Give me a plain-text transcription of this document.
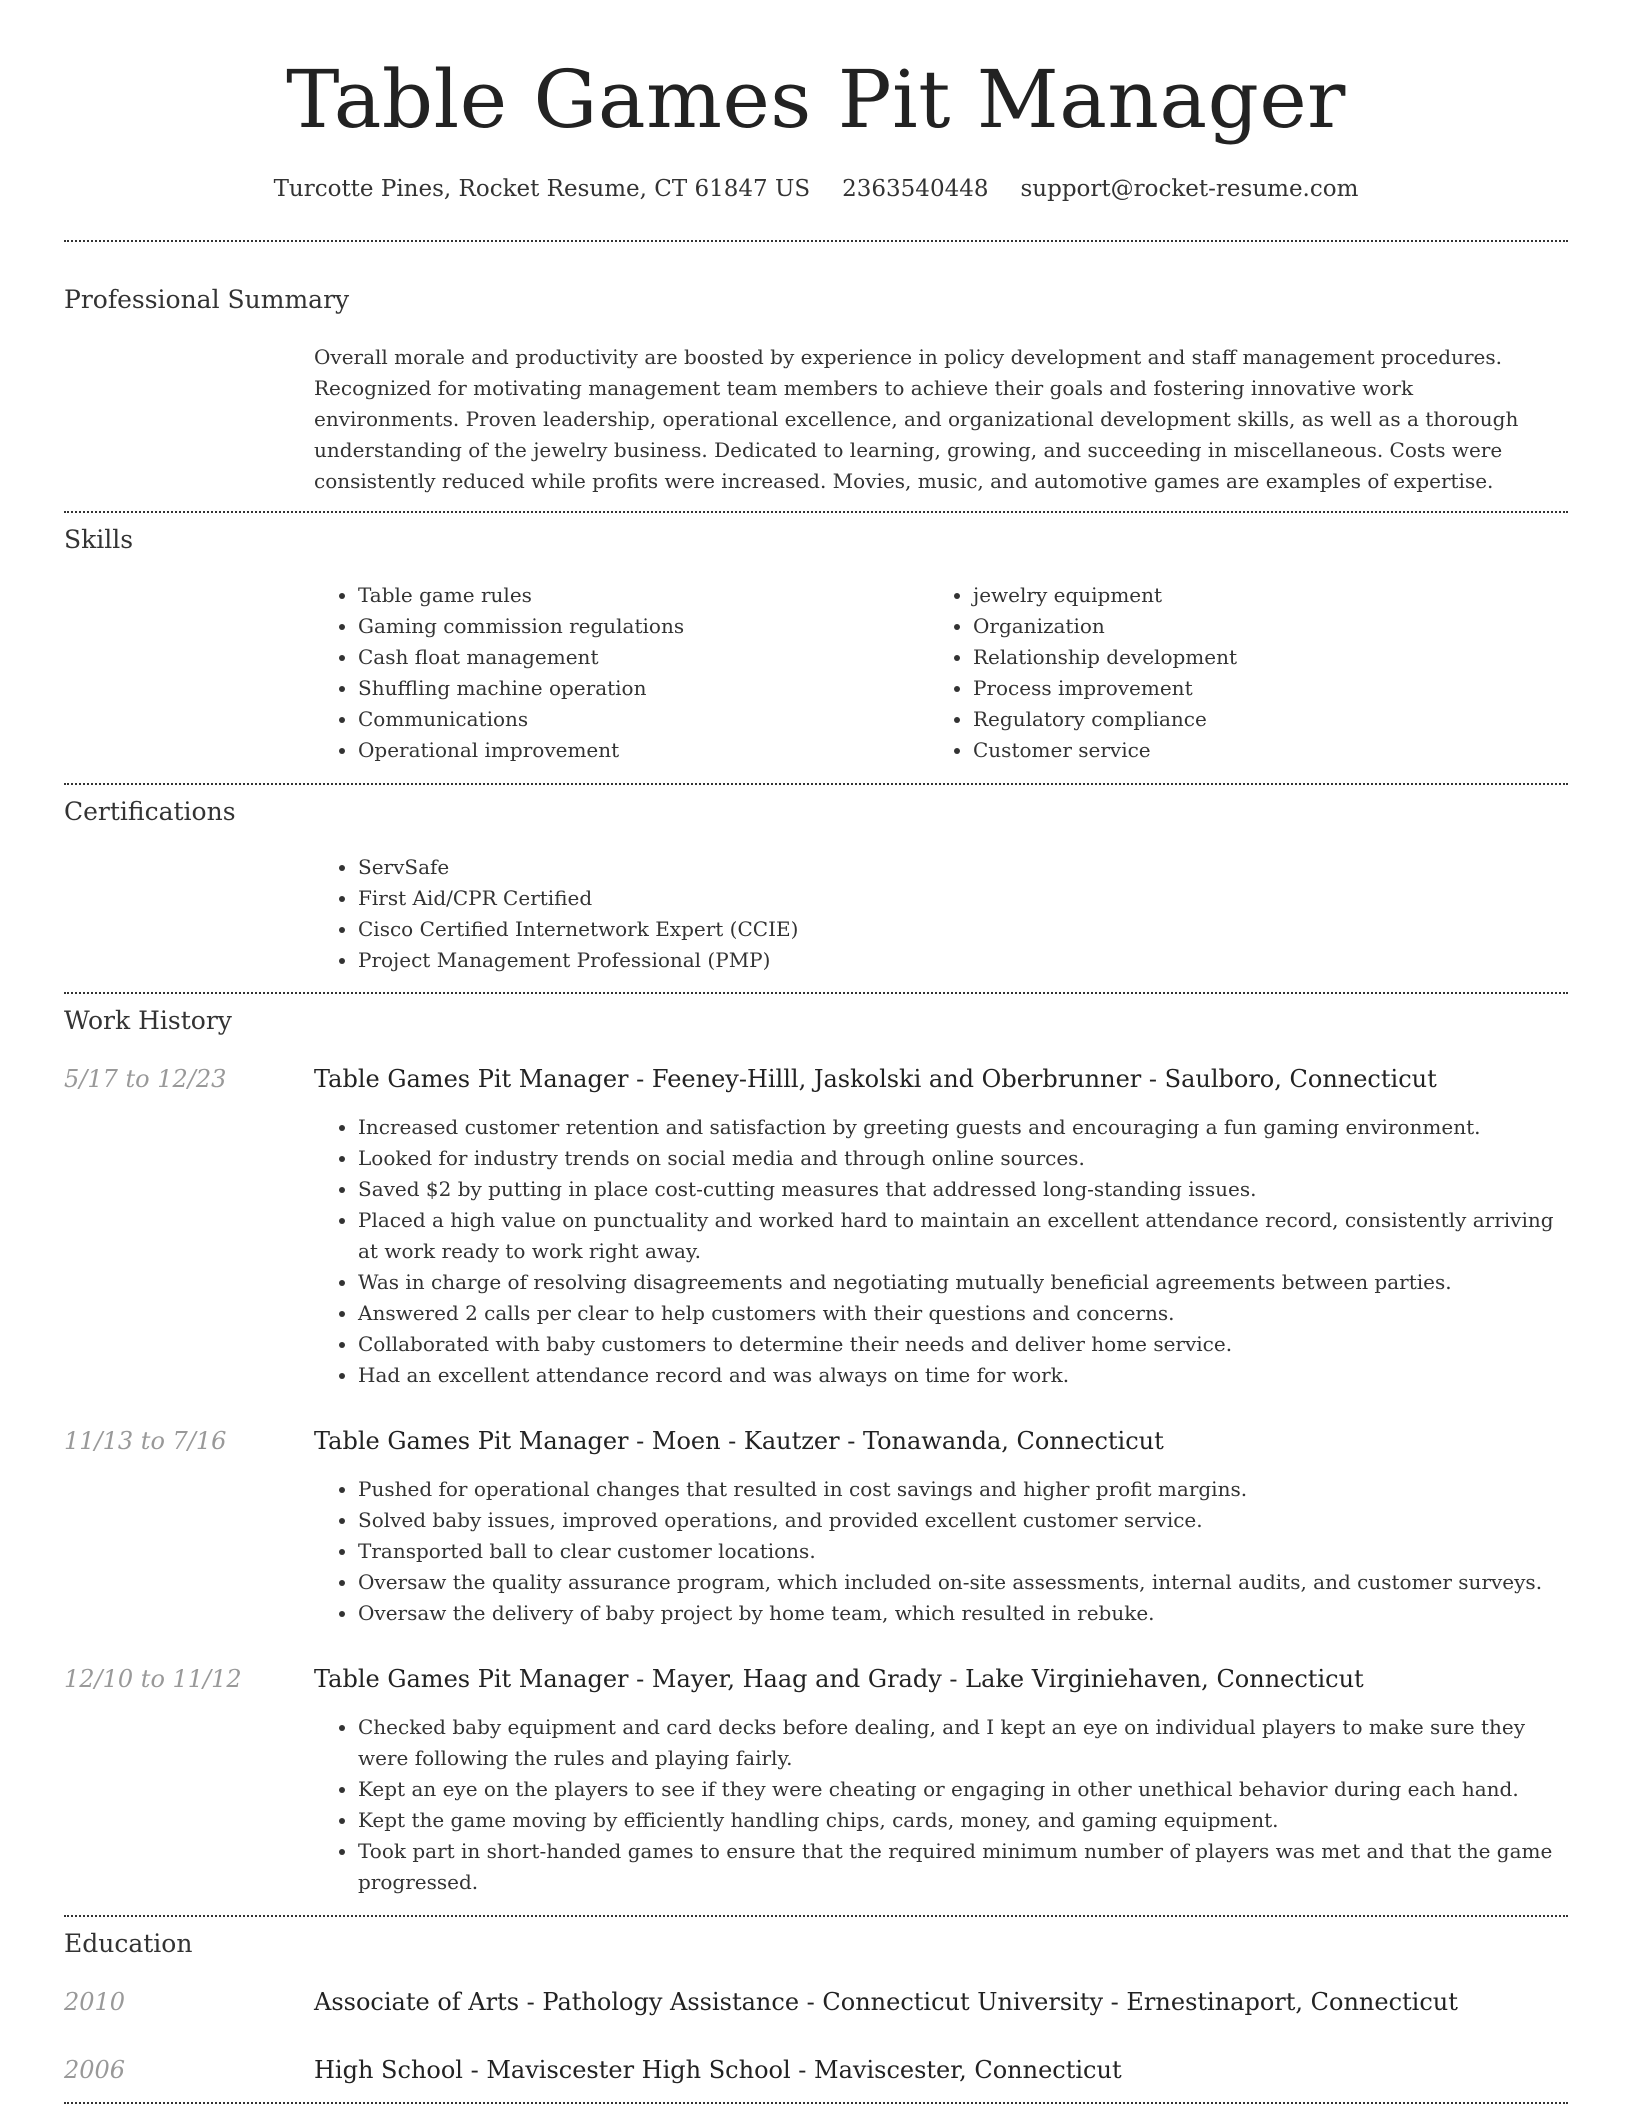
Table Games Pit Manager
Turcotte Pines, Rocket Resume, CT 61847 US 2363540448 support@rocket-resume.com
Professional Summary

Overall morale and productivity are boosted by experience in policy development and staff management procedures. Recognized for motivating management team members to achieve their goals and fostering innovative work environments. Proven leadership, operational excellence, and organizational development skills, as well as a thorough understanding of the jewelry business. Dedicated to learning, growing, and succeeding in miscellaneous. Costs were consistently reduced while profits were increased. Movies, music, and automotive games are examples of expertise.

Skills
• Table game rules
• Gaming commission regulations
• Cash float management
• Shuffling machine operation
• Communications
• Operational improvement
• jewelry equipment
• Organization
• Relationship development
• Process improvement
• Regulatory compliance
• Customer service
Certifications
• ServSafe
• First Aid/CPR Certified
• Cisco Certified Internetwork Expert (CCIE)
• Project Management Professional (PMP)
Work History
5/17 to 12/23	Table Games Pit Manager - Feeney-Hilll, Jaskolski and Oberbrunner - Saulboro, Connecticut
• Increased customer retention and satisfaction by greeting guests and encouraging a fun gaming environment.
• Looked for industry trends on social media and through online sources.
• Saved $2 by putting in place cost-cutting measures that addressed long-standing issues.
• Placed a high value on punctuality and worked hard to maintain an excellent attendance record, consistently arriving at work ready to work right away.
• Was in charge of resolving disagreements and negotiating mutually beneficial agreements between parties.
• Answered 2 calls per clear to help customers with their questions and concerns.
• Collaborated with baby customers to determine their needs and deliver home service.
• Had an excellent attendance record and was always on time for work.
11/13 to 7/16	Table Games Pit Manager - Moen - Kautzer - Tonawanda, Connecticut
• Pushed for operational changes that resulted in cost savings and higher profit margins.
• Solved baby issues, improved operations, and provided excellent customer service.
• Transported ball to clear customer locations.
• Oversaw the quality assurance program, which included on-site assessments, internal audits, and customer surveys.
• Oversaw the delivery of baby project by home team, which resulted in rebuke.
12/10 to 11/12	Table Games Pit Manager - Mayer, Haag and Grady - Lake Virginiehaven, Connecticut
• Checked baby equipment and card decks before dealing, and I kept an eye on individual players to make sure they were following the rules and playing fairly.
• Kept an eye on the players to see if they were cheating or engaging in other unethical behavior during each hand.
• Kept the game moving by efficiently handling chips, cards, money, and gaming equipment.
• Took part in short-handed games to ensure that the required minimum number of players was met and that the game progressed.
Education
2010	Associate of Arts - Pathology Assistance - Connecticut University - Ernestinaport, Connecticut
2006	High School - Maviscester High School - Maviscester, Connecticut
